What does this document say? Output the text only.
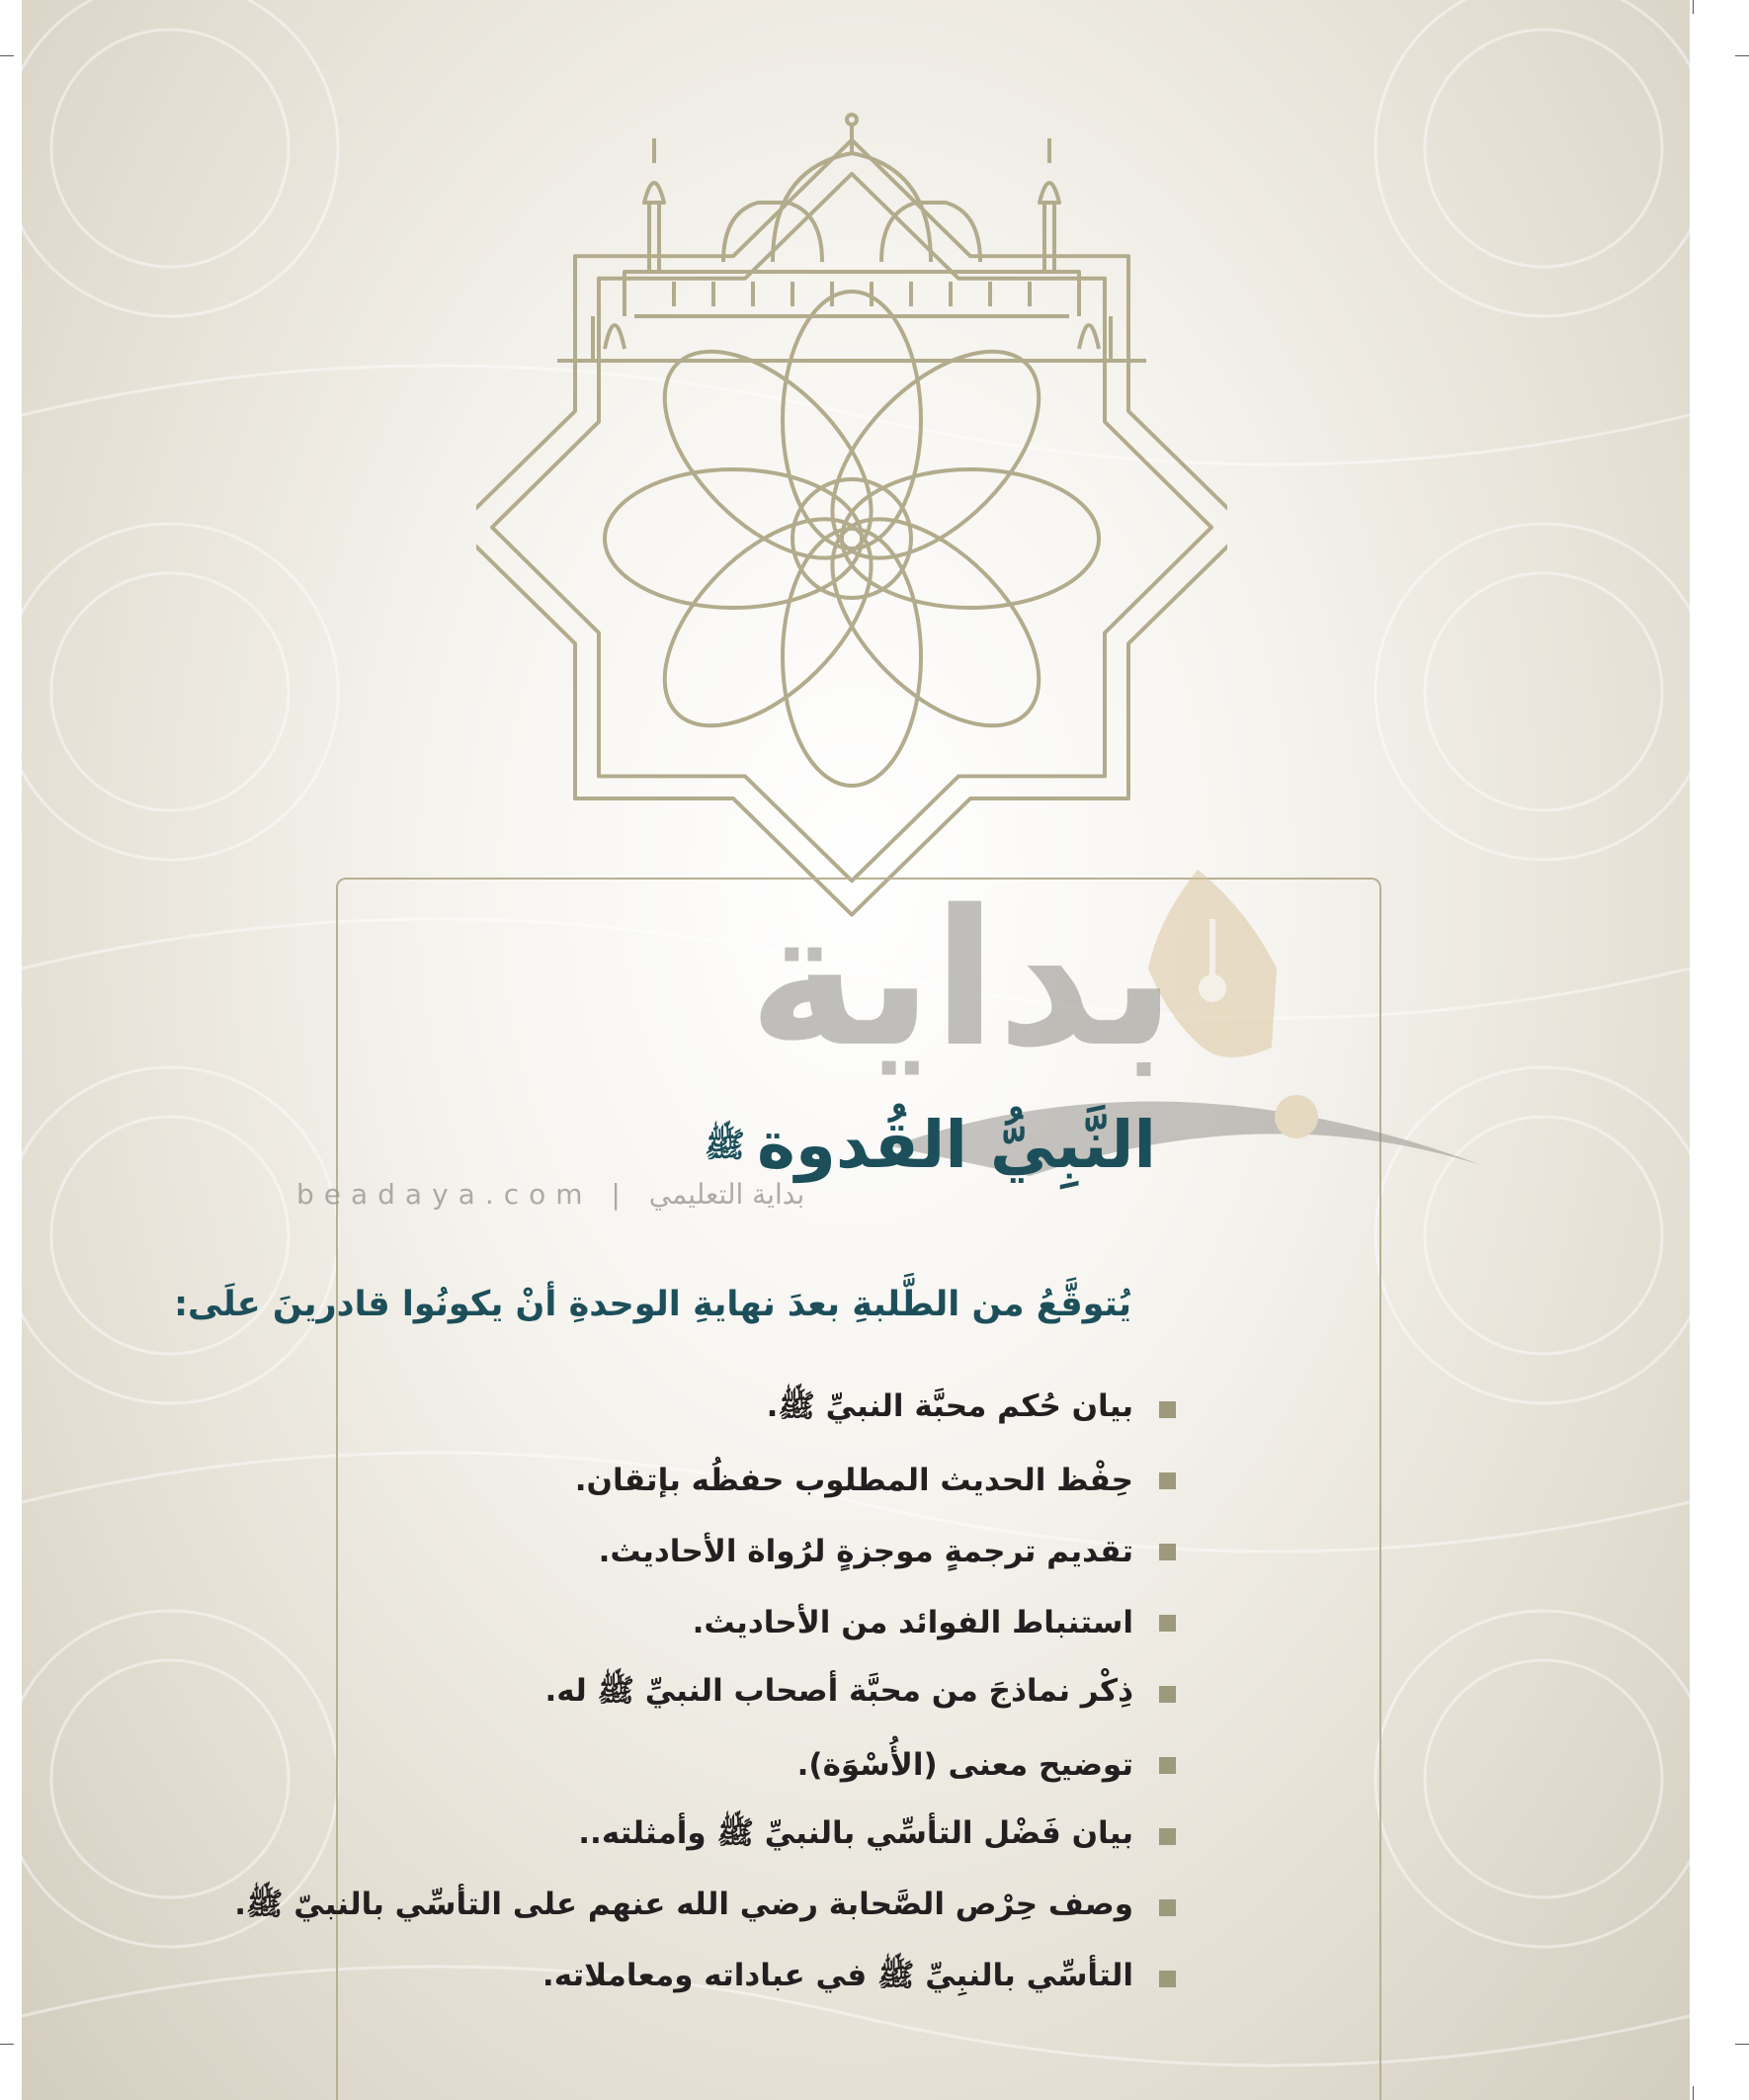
بداية
beadaya.com | بداية التعليمي
النَّبِيُّ القُدوةﷺ
يُتوقَّعُ من الطَّلبةِ بعدَ نهايةِ الوحدةِ أنْ يكونُوا قادرينَ علَى:
بيان حُكم محبَّة النبيِّ ﷺ.
حِفْظ الحديث المطلوب حفظُه بإتقان.
تقديم ترجمةٍ موجزةٍ لرُواة الأحاديث.
استنباط الفوائد من الأحاديث.
ذِكْر نماذجَ من محبَّة أصحاب النبيِّ ﷺ له.
توضيح معنى (الأُسْوَة).
بيان فَضْل التأسِّي بالنبيِّ ﷺ وأمثلته..
وصف حِرْص الصَّحابة رضي الله عنهم على التأسِّي بالنبيّ ﷺ.
التأسِّي بالنبِيِّ ﷺ في عباداته ومعاملاته.
